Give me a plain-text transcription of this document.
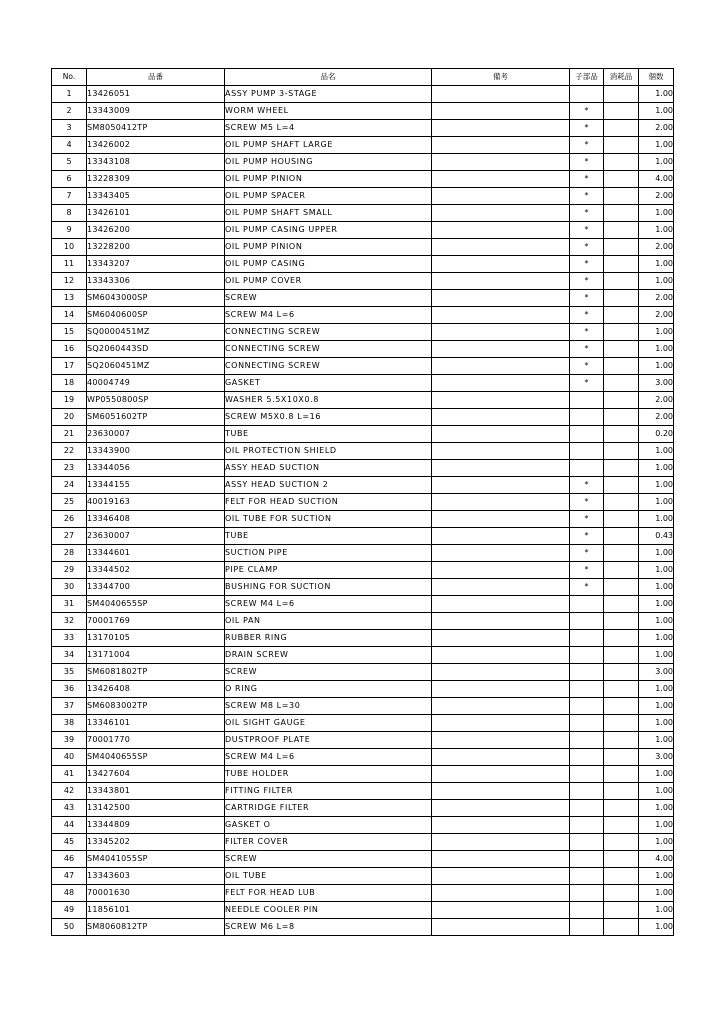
No.	品番	品名	備考	子部品	消耗品	個数
1	13426051	ASSY PUMP 3-STAGE				1.00
2	13343009	WORM WHEEL		*		1.00
3	SM8050412TP	SCREW M5 L=4		*		2.00
4	13426002	OIL PUMP SHAFT LARGE		*		1.00
5	13343108	OIL PUMP HOUSING		*		1.00
6	13228309	OIL PUMP PINION		*		4.00
7	13343405	OIL PUMP SPACER		*		2.00
8	13426101	OIL PUMP SHAFT SMALL		*		1.00
9	13426200	OIL PUMP CASING UPPER		*		1.00
10	13228200	OIL PUMP PINION		*		2.00
11	13343207	OIL PUMP CASING		*		1.00
12	13343306	OIL PUMP COVER		*		1.00
13	SM6043000SP	SCREW		*		2.00
14	SM6040600SP	SCREW M4 L=6		*		2.00
15	SQ0000451MZ	CONNECTING SCREW		*		1.00
16	SQ2060443SD	CONNECTING SCREW		*		1.00
17	SQ2060451MZ	CONNECTING SCREW		*		1.00
18	40004749	GASKET		*		3.00
19	WP0550800SP	WASHER 5.5X10X0.8				2.00
20	SM6051602TP	SCREW M5X0.8 L=16				2.00
21	23630007	TUBE				0.20
22	13343900	OIL PROTECTION SHIELD				1.00
23	13344056	ASSY HEAD SUCTION				1.00
24	13344155	ASSY HEAD SUCTION 2		*		1.00
25	40019163	FELT FOR HEAD SUCTION		*		1.00
26	13346408	OIL TUBE FOR SUCTION		*		1.00
27	23630007	TUBE		*		0.43
28	13344601	SUCTION PIPE		*		1.00
29	13344502	PIPE CLAMP		*		1.00
30	13344700	BUSHING FOR SUCTION		*		1.00
31	SM4040655SP	SCREW M4 L=6				1.00
32	70001769	OIL PAN				1.00
33	13170105	RUBBER RING				1.00
34	13171004	DRAIN SCREW				1.00
35	SM6081802TP	SCREW				3.00
36	13426408	O RING				1.00
37	SM6083002TP	SCREW M8 L=30				1.00
38	13346101	OIL SIGHT GAUGE				1.00
39	70001770	DUSTPROOF PLATE				1.00
40	SM4040655SP	SCREW M4 L=6				3.00
41	13427604	TUBE HOLDER				1.00
42	13343801	FITTING FILTER				1.00
43	13142500	CARTRIDGE FILTER				1.00
44	13344809	GASKET O				1.00
45	13345202	FILTER COVER				1.00
46	SM4041055SP	SCREW				4.00
47	13343603	OIL TUBE				1.00
48	70001630	FELT FOR HEAD LUB				1.00
49	11856101	NEEDLE COOLER PIN				1.00
50	SM8060812TP	SCREW M6 L=8				1.00
